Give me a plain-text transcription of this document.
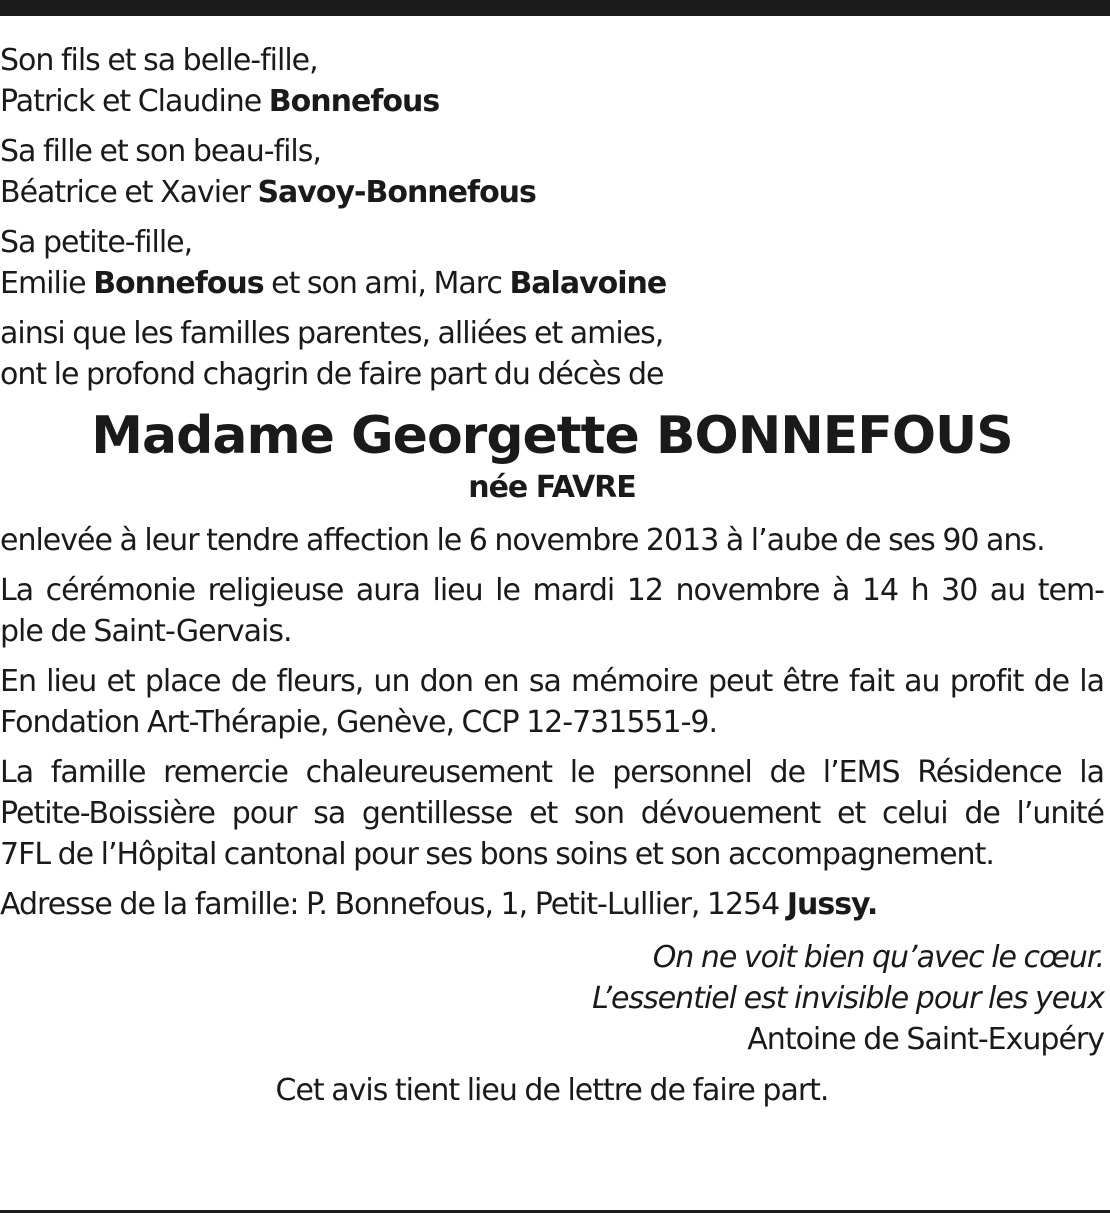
Son fils et sa belle-fille,
Patrick et Claudine Bonnefous

Sa fille et son beau-fils,
Béatrice et Xavier Savoy-Bonnefous

Sa petite-fille,
Emilie Bonnefous et son ami, Marc Balavoine

ainsi que les familles parentes, alliées et amies,
ont le profond chagrin de faire part du décès de

Madame Georgette BONNEFOUS
née FAVRE

enlevée à leur tendre affection le 6 novembre 2013 à l’aube de ses 90 ans.

La cérémonie religieuse aura lieu le mardi 12 novembre à 14 h 30 au tem-
ple de Saint-Gervais.

En lieu et place de fleurs, un don en sa mémoire peut être fait au profit de la
Fondation Art-Thérapie, Genève, CCP 12-731551-9.

La famille remercie chaleureusement le personnel de l’EMS Résidence la
Petite-Boissière pour sa gentillesse et son dévouement et celui de l’unité
7FL de l’Hôpital cantonal pour ses bons soins et son accompagnement.

Adresse de la famille: P. Bonnefous, 1, Petit-Lullier, 1254 Jussy.

On ne voit bien qu’avec le cœur.
L’essentiel est invisible pour les yeux
Antoine de Saint-Exupéry
Cet avis tient lieu de lettre de faire part.
